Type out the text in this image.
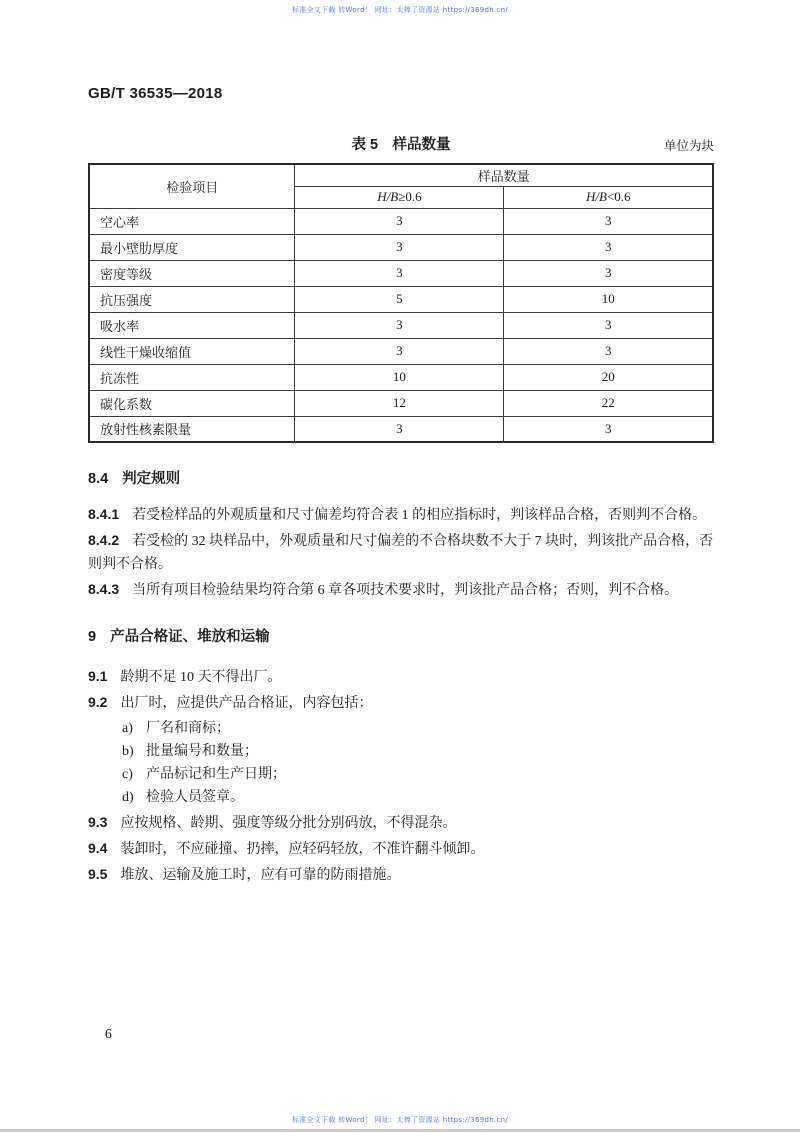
标准全文下载 转Word！ 网址：太棒了资源站 https://369dh.cn/
GB/T 36535—2018
表 5　样品数量	单位为块
检验项目	样品数量	
	H/B≥0.6	H/B<0.6
空心率	3	3
最小壁肋厚度	3	3
密度等级	3	3
抗压强度	5	10
吸水率	3	3
线性干燥收缩值	3	3
抗冻性	10	20
碳化系数	12	22
放射性核素限量	3	3

8.4 判定规则

8.4.1 若受检样品的外观质量和尺寸偏差均符合表 1 的相应指标时，判该样品合格，否则判不合格。

8.4.2 若受检的 32 块样品中，外观质量和尺寸偏差的不合格块数不大于 7 块时，判该批产品合格，否则判不合格。

8.4.3 当所有项目检验结果均符合第 6 章各项技术要求时，判该批产品合格；否则，判不合格。

9 产品合格证、堆放和运输

9.1 龄期不足 10 天不得出厂。

9.2 出厂时，应提供产品合格证，内容包括：

a) 厂名和商标；
b) 批量编号和数量；
c) 产品标记和生产日期；
d) 检验人员签章。

9.3 应按规格、龄期、强度等级分批分别码放，不得混杂。

9.4 装卸时，不应碰撞、扔摔，应轻码轻放，不准许翻斗倾卸。

9.5 堆放、运输及施工时，应有可靠的防雨措施。

6
标准全文下载 转Word！ 网址：太棒了资源站 https://369dh.cn/
